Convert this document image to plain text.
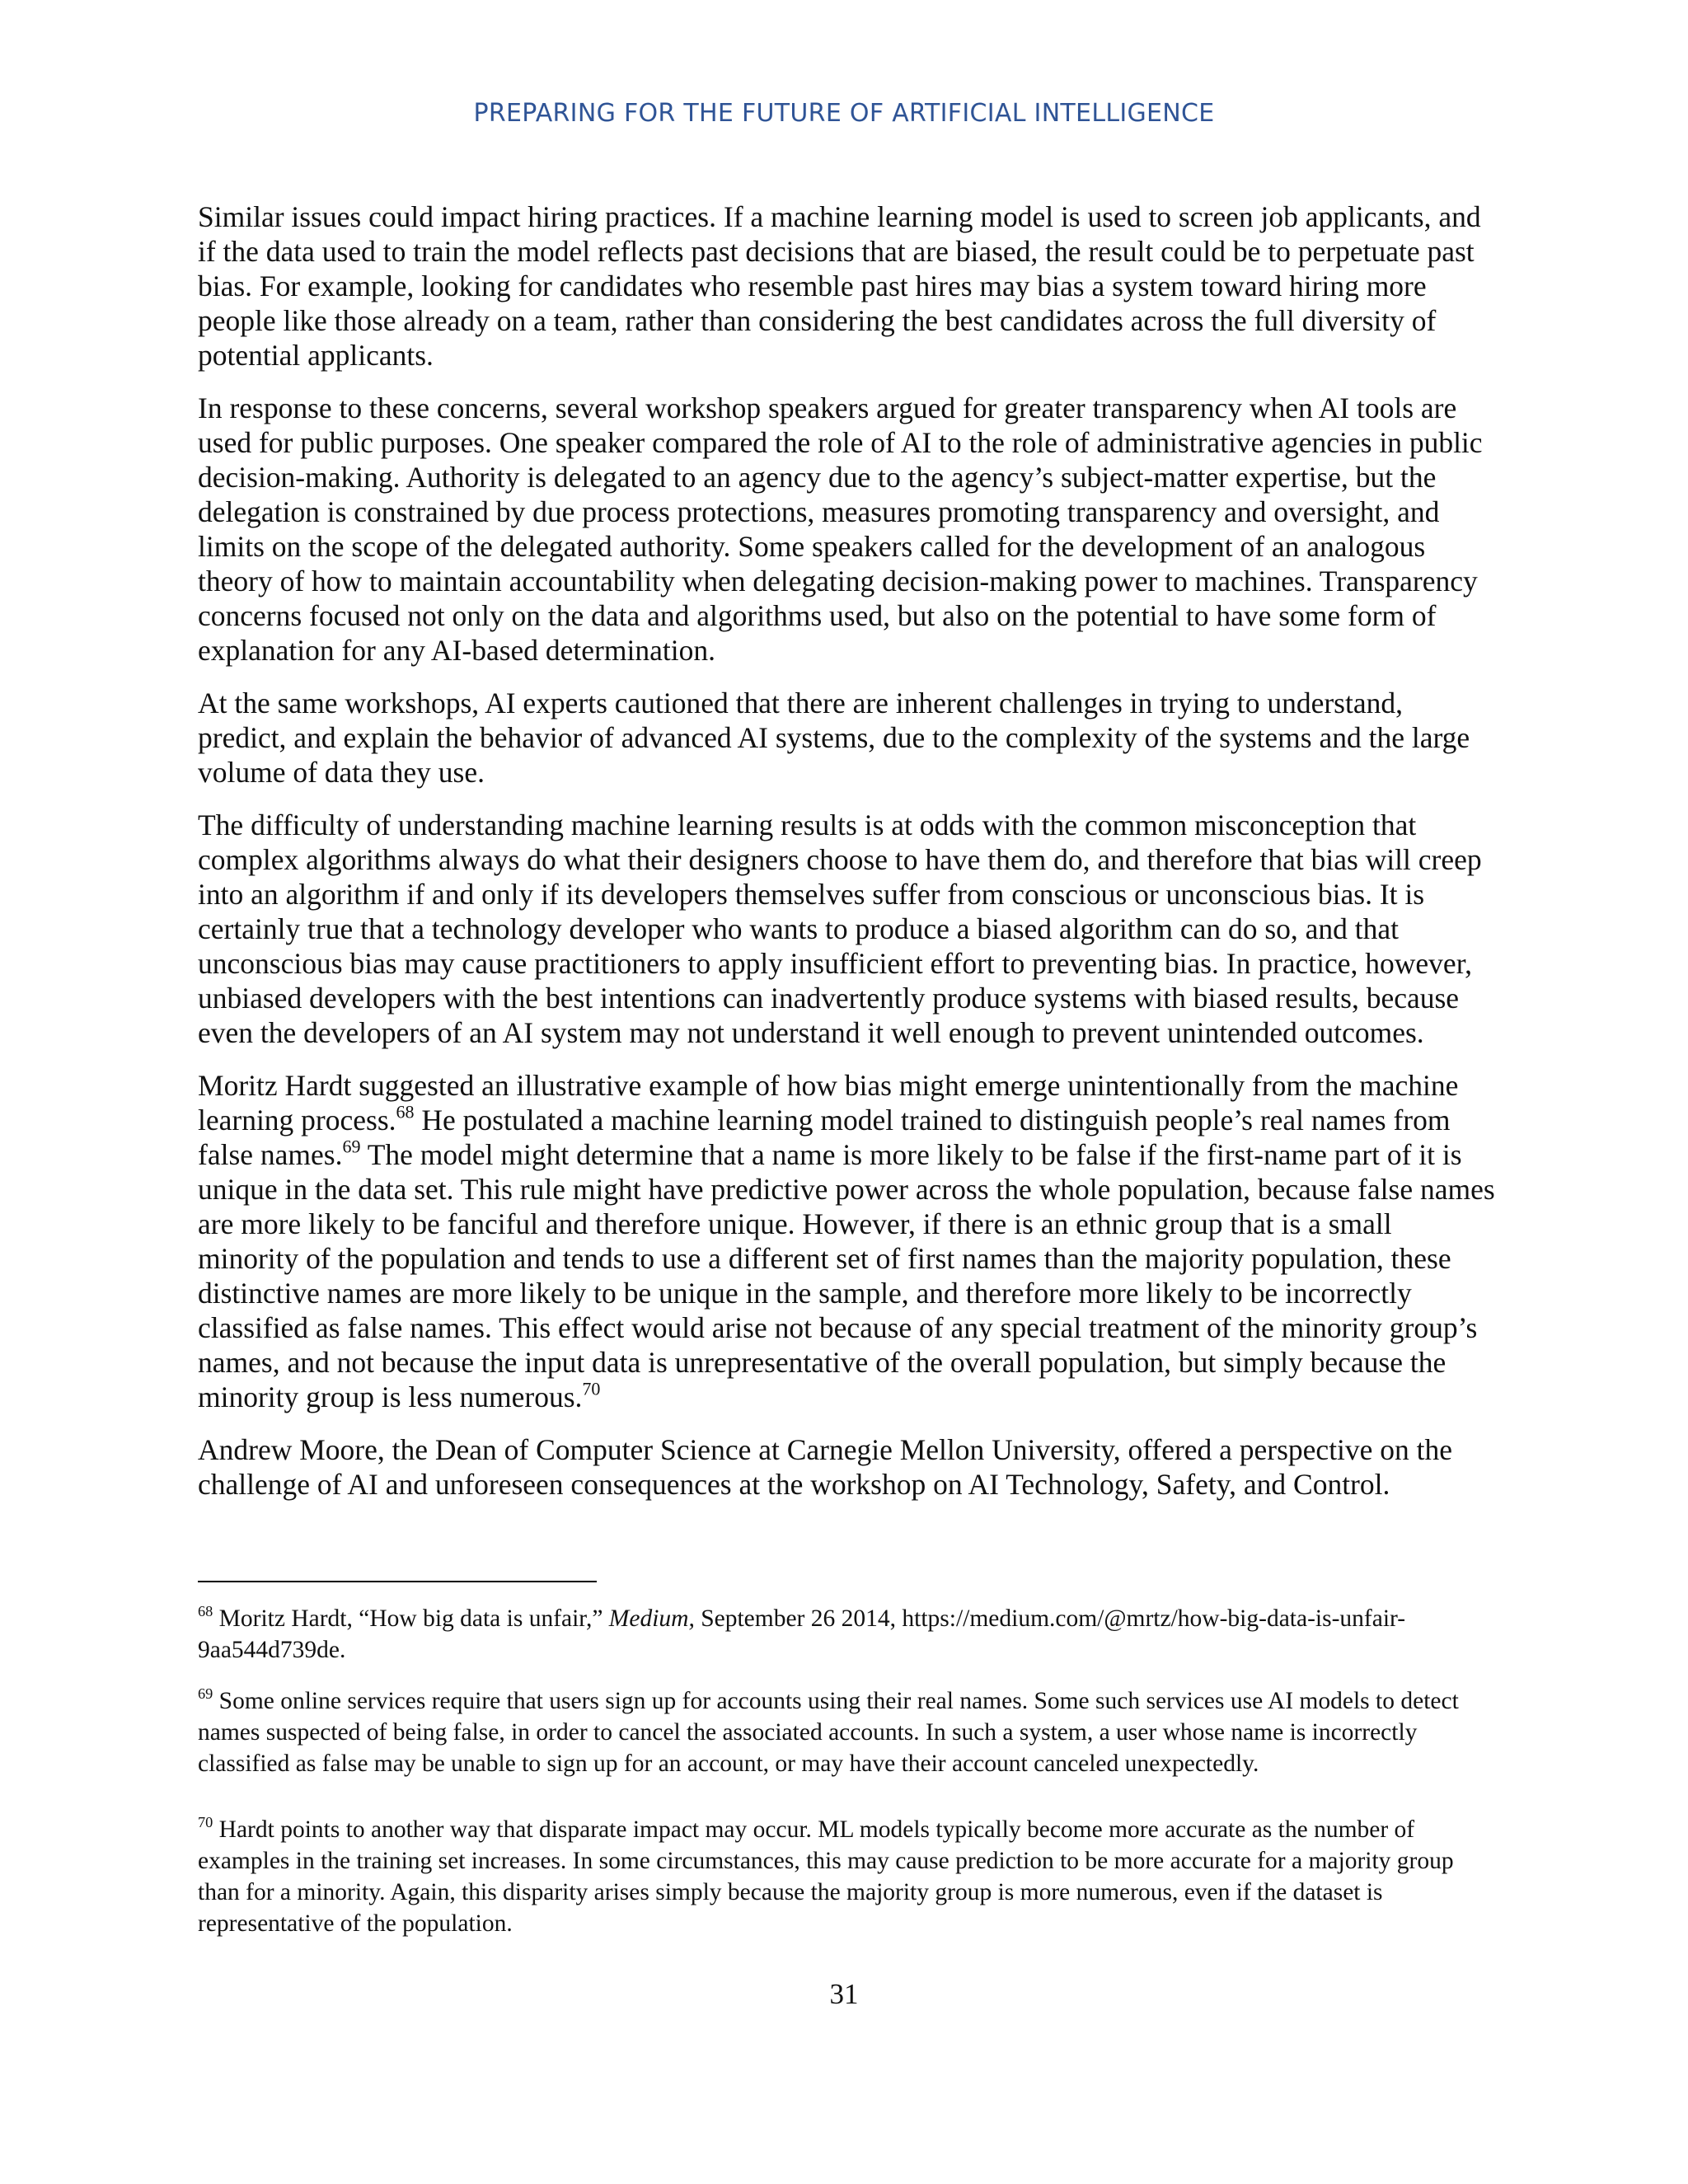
PREPARING FOR THE FUTURE OF ARTIFICIAL INTELLIGENCE

Similar issues could impact hiring practices. If a machine learning model is used to screen job applicants, and if the data used to train the model reflects past decisions that are biased, the result could be to perpetuate past bias. For example, looking for candidates who resemble past hires may bias a system toward hiring more people like those already on a team, rather than considering the best candidates across the full diversity of potential applicants.

In response to these concerns, several workshop speakers argued for greater transparency when AI tools are used for public purposes. One speaker compared the role of AI to the role of administrative agencies in public decision-making. Authority is delegated to an agency due to the agency’s subject-matter expertise, but the delegation is constrained by due process protections, measures promoting transparency and oversight, and limits on the scope of the delegated authority. Some speakers called for the development of an analogous theory of how to maintain accountability when delegating decision-making power to machines. Transparency concerns focused not only on the data and algorithms used, but also on the potential to have some form of explanation for any AI-based determination.

At the same workshops, AI experts cautioned that there are inherent challenges in trying to understand, predict, and explain the behavior of advanced AI systems, due to the complexity of the systems and the large volume of data they use.

The difficulty of understanding machine learning results is at odds with the common misconception that complex algorithms always do what their designers choose to have them do, and therefore that bias will creep into an algorithm if and only if its developers themselves suffer from conscious or unconscious bias. It is certainly true that a technology developer who wants to produce a biased algorithm can do so, and that unconscious bias may cause practitioners to apply insufficient effort to preventing bias. In practice, however, unbiased developers with the best intentions can inadvertently produce systems with biased results, because even the developers of an AI system may not understand it well enough to prevent unintended outcomes.

Moritz Hardt suggested an illustrative example of how bias might emerge unintentionally from the machine learning process.$^{68}$ He postulated a machine learning model trained to distinguish people’s real names from false names.$^{69}$ The model might determine that a name is more likely to be false if the first-name part of it is unique in the data set. This rule might have predictive power across the whole population, because false names are more likely to be fanciful and therefore unique. However, if there is an ethnic group that is a small minority of the population and tends to use a different set of first names than the majority population, these distinctive names are more likely to be unique in the sample, and therefore more likely to be incorrectly classified as false names. This effect would arise not because of any special treatment of the minority group’s names, and not because the input data is unrepresentative of the overall population, but simply because the minority group is less numerous.$^{70}$

Andrew Moore, the Dean of Computer Science at Carnegie Mellon University, offered a perspective on the challenge of AI and unforeseen consequences at the workshop on AI Technology, Safety, and Control.

$^{68}$ Moritz Hardt, “How big data is unfair,” Medium, September 26 2014, https://medium.com/@mrtz/how-big-data-is-unfair-9aa544d739de.

$^{69}$ Some online services require that users sign up for accounts using their real names. Some such services use AI models to detect names suspected of being false, in order to cancel the associated accounts. In such a system, a user whose name is incorrectly classified as false may be unable to sign up for an account, or may have their account canceled unexpectedly.

$^{70}$ Hardt points to another way that disparate impact may occur. ML models typically become more accurate as the number of examples in the training set increases. In some circumstances, this may cause prediction to be more accurate for a majority group than for a minority. Again, this disparity arises simply because the majority group is more numerous, even if the dataset is representative of the population.

31
